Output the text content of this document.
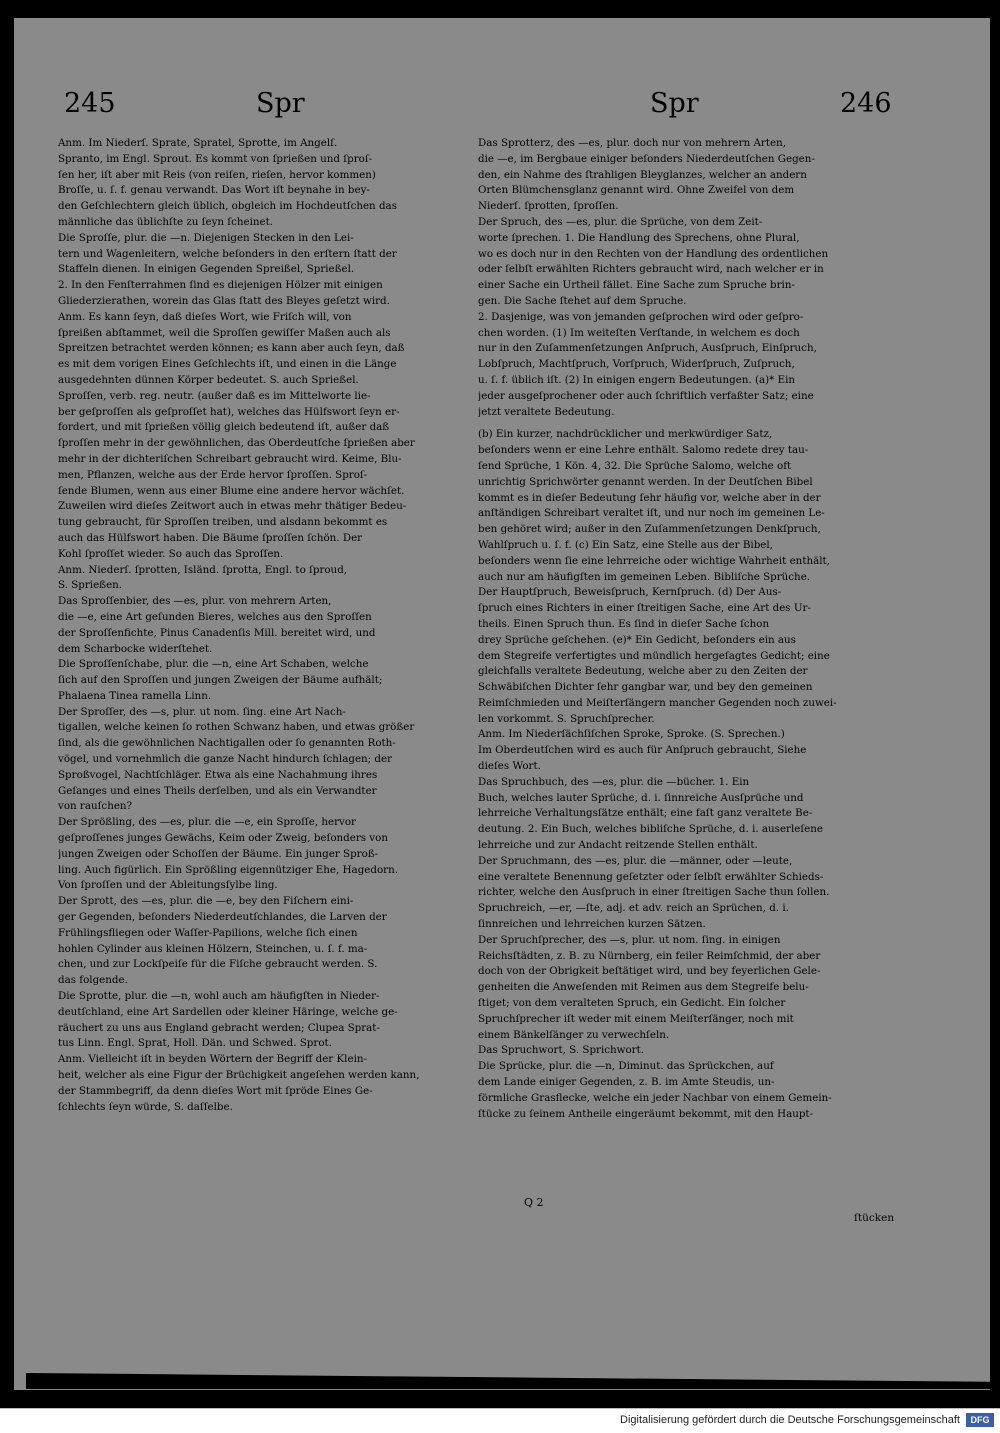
245	Spr	Spr	246
Anm. Im Niederſ. Sprate, Spratel, Sprotte, im Angelſ.
Spranto, im Engl. Sprout. Es kommt von ſprießen und ſproſ-
ſen her, iſt aber mit Reis (von reiſen, rieſen, hervor kommen)
Broſſe, u. ſ. f. genau verwandt. Das Wort iſt beynahe in bey-
den Geſchlechtern gleich üblich, obgleich im Hochdeutſchen das
männliche das üblichſte zu ſeyn ſcheinet.
Die Sproſſe, plur. die —n. Diejenigen Stecken in den Lei-
tern und Wagenleitern, welche beſonders in den erſtern ſtatt der
Staffeln dienen. In einigen Gegenden Spreißel, Sprießel.
2. In den Fenſterrahmen ſind es diejenigen Hölzer mit einigen
Gliederzierathen, worein das Glas ſtatt des Bleyes geſetzt wird.
Anm. Es kann ſeyn, daß dieſes Wort, wie Friſch will, von
ſpreißen abſtammet, weil die Sproſſen gewiſſer Maßen auch als
Spreitzen betrachtet werden können; es kann aber auch ſeyn, daß
es mit dem vorigen Eines Geſchlechts iſt, und einen in die Länge
ausgedehnten dünnen Körper bedeutet. S. auch Sprießel.
Sproſſen, verb. reg. neutr. (außer daß es im Mittelworte lie-
ber geſproſſen als geſproſſet hat), welches das Hülfswort ſeyn er-
fordert, und mit ſprießen völlig gleich bedeutend iſt, außer daß
ſproſſen mehr in der gewöhnlichen, das Oberdeutſche ſprießen aber
mehr in der dichteriſchen Schreibart gebraucht wird. Keime, Blu-
men, Pflanzen, welche aus der Erde hervor ſproſſen. Sproſ-
ſende Blumen, wenn aus einer Blume eine andere hervor wächſet.
Zuweilen wird dieſes Zeitwort auch in etwas mehr thätiger Bedeu-
tung gebraucht, für Sproſſen treiben, und alsdann bekommt es
auch das Hülfswort haben. Die Bäume ſproſſen ſchön. Der
Kohl ſproſſet wieder. So auch das Sproſſen.
Anm. Niederſ. ſprotten, Isländ. ſprotta, Engl. to ſproud,
S. Sprießen.
Das Sproſſenbier, des —es, plur. von mehrern Arten,
die —e, eine Art geſunden Bieres, welches aus den Sproſſen
der Sproſſenfichte, Pinus Canadenſis Mill. bereitet wird, und
dem Scharbocke widerſtehet.
Die Sproſſenſchabe, plur. die —n, eine Art Schaben, welche
ſich auf den Sproſſen und jungen Zweigen der Bäume aufhält;
Phalaena Tinea ramella Linn.
Der Sproſſer, des —s, plur. ut nom. ſing. eine Art Nach-
tigallen, welche keinen ſo rothen Schwanz haben, und etwas größer
ſind, als die gewöhnlichen Nachtigallen oder ſo genannten Roth-
vögel, und vornehmlich die ganze Nacht hindurch ſchlagen; der
Sproßvogel, Nachtſchläger. Etwa als eine Nachahmung ihres
Geſanges und eines Theils derſelben, und als ein Verwandter
von rauſchen?
Der Sprößling, des —es, plur. die —e, ein Sproſſe, hervor
geſproſſenes junges Gewächs, Keim oder Zweig, beſonders von
jungen Zweigen oder Schoſſen der Bäume. Ein junger Sproß-
ling. Auch figürlich. Ein Sprößling eigennütziger Ehe, Hagedorn.
Von ſproſſen und der Ableitungsſylbe ling.
Der Sprott, des —es, plur. die —e, bey den Fiſchern eini-
ger Gegenden, beſonders Niederdeutſchlandes, die Larven der
Frühlingsfliegen oder Waſſer-Papilions, welche ſich einen
hohlen Cylinder aus kleinen Hölzern, Steinchen, u. ſ. f. ma-
chen, und zur Lockſpeiſe für die Fiſche gebraucht werden. S.
das folgende.
Die Sprotte, plur. die —n, wohl auch am häufigſten in Nieder-
deutſchland, eine Art Sardellen oder kleiner Häringe, welche ge-
räuchert zu uns aus England gebracht werden; Clupea Sprat-
tus Linn. Engl. Sprat, Holl. Dän. und Schwed. Sprot.
Anm. Vielleicht iſt in beyden Wörtern der Begriff der Klein-
heit, welcher als eine Figur der Brüchigkeit angeſehen werden kann,
der Stammbegriff, da denn dieſes Wort mit ſpröde Eines Ge-
ſchlechts ſeyn würde, S. daſſelbe.
Das Sprotterz, des —es, plur. doch nur von mehrern Arten,
die —e, im Bergbaue einiger beſonders Niederdeutſchen Gegen-
den, ein Nahme des ſtrahligen Bleyglanzes, welcher an andern
Orten Blümchensglanz genannt wird. Ohne Zweifel von dem
Niederſ. ſprotten, ſproſſen.
Der Spruch, des —es, plur. die Sprüche, von dem Zeit-
worte ſprechen. 1. Die Handlung des Sprechens, ohne Plural,
wo es doch nur in den Rechten von der Handlung des ordentlichen
oder ſelbſt erwählten Richters gebraucht wird, nach welcher er in
einer Sache ein Urtheil fället. Eine Sache zum Spruche brin-
gen. Die Sache ſtehet auf dem Spruche.
2. Dasjenige, was von jemanden geſprochen wird oder geſpro-
chen worden. (1) Im weiteſten Verſtande, in welchem es doch
nur in den Zuſammenſetzungen Anſpruch, Ausſpruch, Einſpruch,
Lobſpruch, Machtſpruch, Vorſpruch, Widerſpruch, Zuſpruch,
u. ſ. f. üblich iſt. (2) In einigen engern Bedeutungen. (a)* Ein
jeder ausgeſprochener oder auch ſchriftlich verfaßter Satz; eine
jetzt veraltete Bedeutung.
(b) Ein kurzer, nachdrücklicher und merkwürdiger Satz,
beſonders wenn er eine Lehre enthält. Salomo redete drey tau-
ſend Sprüche, 1 Kön. 4, 32. Die Sprüche Salomo, welche oft
unrichtig Sprichwörter genannt werden. In der Deutſchen Bibel
kommt es in dieſer Bedeutung ſehr häufig vor, welche aber in der
anſtändigen Schreibart veraltet iſt, und nur noch im gemeinen Le-
ben gehöret wird; außer in den Zuſammenſetzungen Denkſpruch,
Wahlſpruch u. ſ. f. (c) Ein Satz, eine Stelle aus der Bibel,
beſonders wenn ſie eine lehrreiche oder wichtige Wahrheit enthält,
auch nur am häufigſten im gemeinen Leben. Bibliſche Sprüche.
Der Hauptſpruch, Beweisſpruch, Kernſpruch. (d) Der Aus-
ſpruch eines Richters in einer ſtreitigen Sache, eine Art des Ur-
theils. Einen Spruch thun. Es ſind in dieſer Sache ſchon
drey Sprüche geſchehen. (e)* Ein Gedicht, beſonders ein aus
dem Stegreife verfertigtes und mündlich hergeſagtes Gedicht; eine
gleichfalls veraltete Bedeutung, welche aber zu den Zeiten der
Schwäbiſchen Dichter ſehr gangbar war, und bey den gemeinen
Reimſchmieden und Meiſterſängern mancher Gegenden noch zuwei-
len vorkommt. S. Spruchſprecher.
Anm. Im Niederſächſiſchen Sproke, Sproke. (S. Sprechen.)
Im Oberdeutſchen wird es auch für Anſpruch gebraucht, Siehe
dieſes Wort.
Das Spruchbuch, des —es, plur. die —bücher. 1. Ein
Buch, welches lauter Sprüche, d. i. ſinnreiche Ausſprüche und
lehrreiche Verhaltungsſätze enthält; eine faſt ganz veraltete Be-
deutung. 2. Ein Buch, welches bibliſche Sprüche, d. i. auserleſene
lehrreiche und zur Andacht reitzende Stellen enthält.
Der Spruchmann, des —es, plur. die —männer, oder —leute,
eine veraltete Benennung geſetzter oder ſelbſt erwählter Schieds-
richter, welche den Ausſpruch in einer ſtreitigen Sache thun ſollen.
Spruchreich, —er, —ſte, adj. et adv. reich an Sprüchen, d. i.
ſinnreichen und lehrreichen kurzen Sätzen.
Der Spruchſprecher, des —s, plur. ut nom. ſing. in einigen
Reichsſtädten, z. B. zu Nürnberg, ein feiler Reimſchmid, der aber
doch von der Obrigkeit beſtätiget wird, und bey feyerlichen Gele-
genheiten die Anweſenden mit Reimen aus dem Stegreife belu-
ſtiget; von dem veralteten Spruch, ein Gedicht. Ein ſolcher
Spruchſprecher iſt weder mit einem Meiſterſänger, noch mit
einem Bänkelſänger zu verwechſeln.
Das Spruchwort, S. Sprichwort.
Die Sprücke, plur. die —n, Diminut. das Sprückchen, auf
dem Lande einiger Gegenden, z. B. im Amte Steudis, un-
förmliche Grasflecke, welche ein jeder Nachbar von einem Gemein-
ſtücke zu ſeinem Antheile eingeräumt bekommt, mit den Haupt-
Q 2
ſtücken
Digitalisierung gefördert durch die Deutsche Forschungsgemeinschaft	DFG
